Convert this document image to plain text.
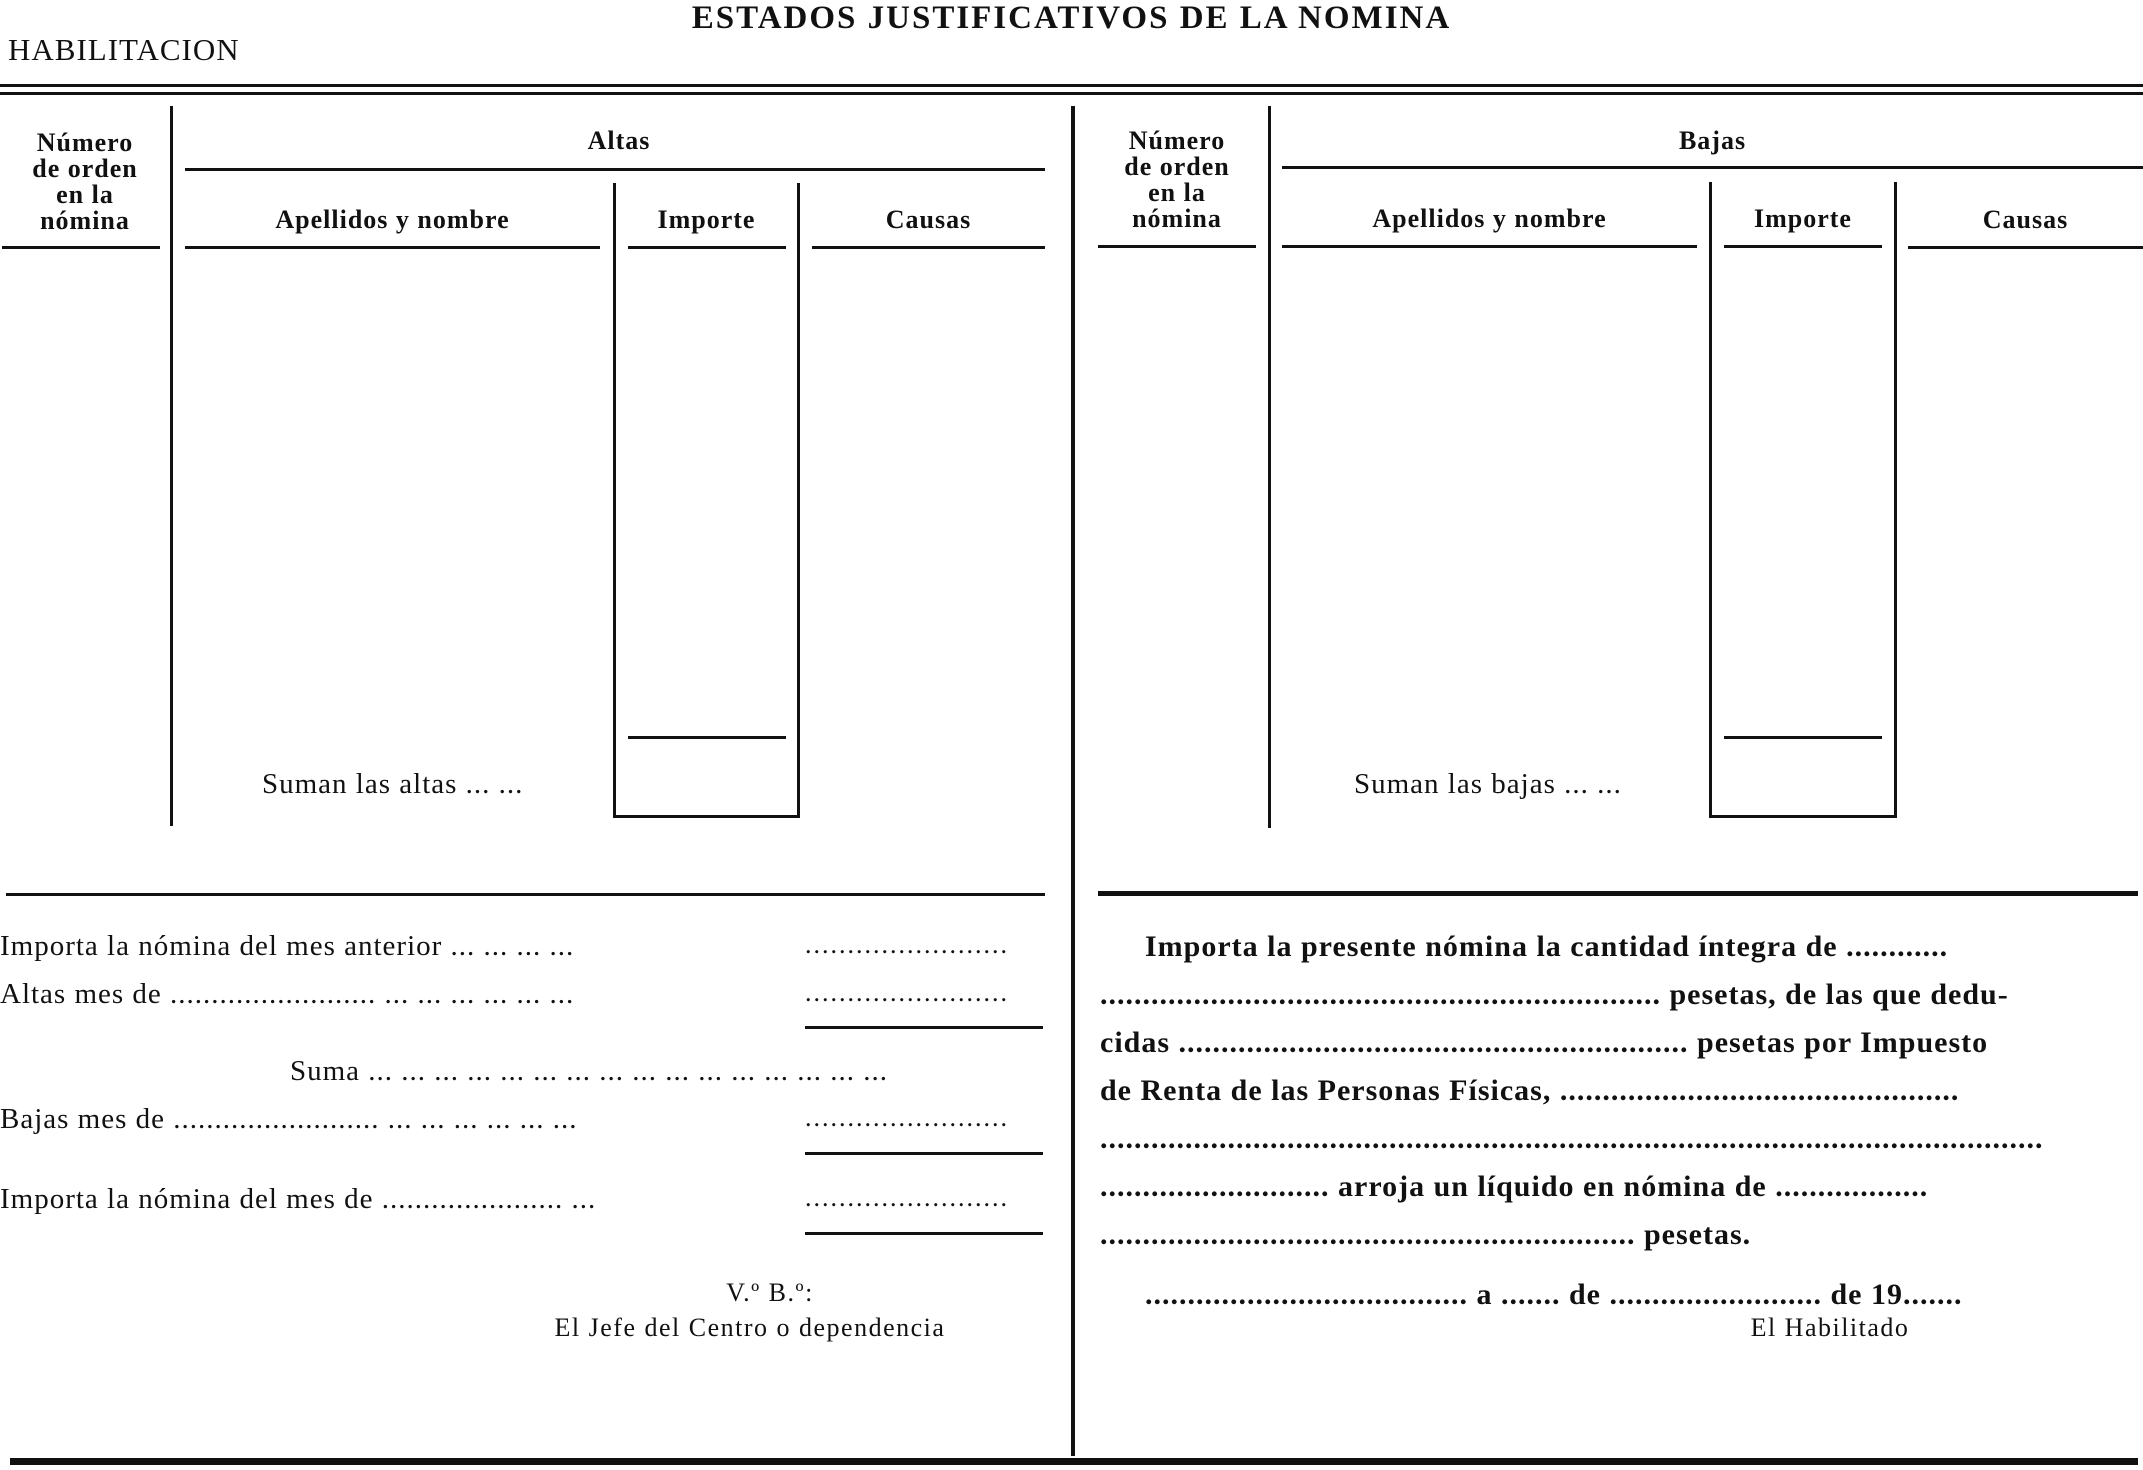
ESTADOS JUSTIFICATIVOS DE LA NOMINA
HABILITACION
Número
de orden
en la
nómina
Altas
Apellidos y nombre	Importe	Causas
Suman las altas ... ...
Número
de orden
en la
nómina
Bajas
Apellidos y nombre	Importe	Causas
Suman las bajas ... ...
Importa la nómina del mes anterior ... ... ... ...	........................
Altas mes de ......................... ... ... ... ... ... ...	........................
Suma ... ... ... ... ... ... ... ... ... ... ... ... ... ... ... ...
Bajas mes de ......................... ... ... ... ... ... ...	........................
Importa la nómina del mes de ...................... ...	........................
V.º B.º:
El Jefe del Centro o dependencia
Importa la presente nómina la cantidad íntegra de ............
.................................................................. pesetas, de las que dedu-
cidas ............................................................ pesetas por Impuesto
de Renta de las Personas Físicas, ...............................................
...............................................................................................................
........................... arroja un líquido en nómina de ..................
............................................................... pesetas.
...................................... a ....... de ......................... de 19.......
El Habilitado
